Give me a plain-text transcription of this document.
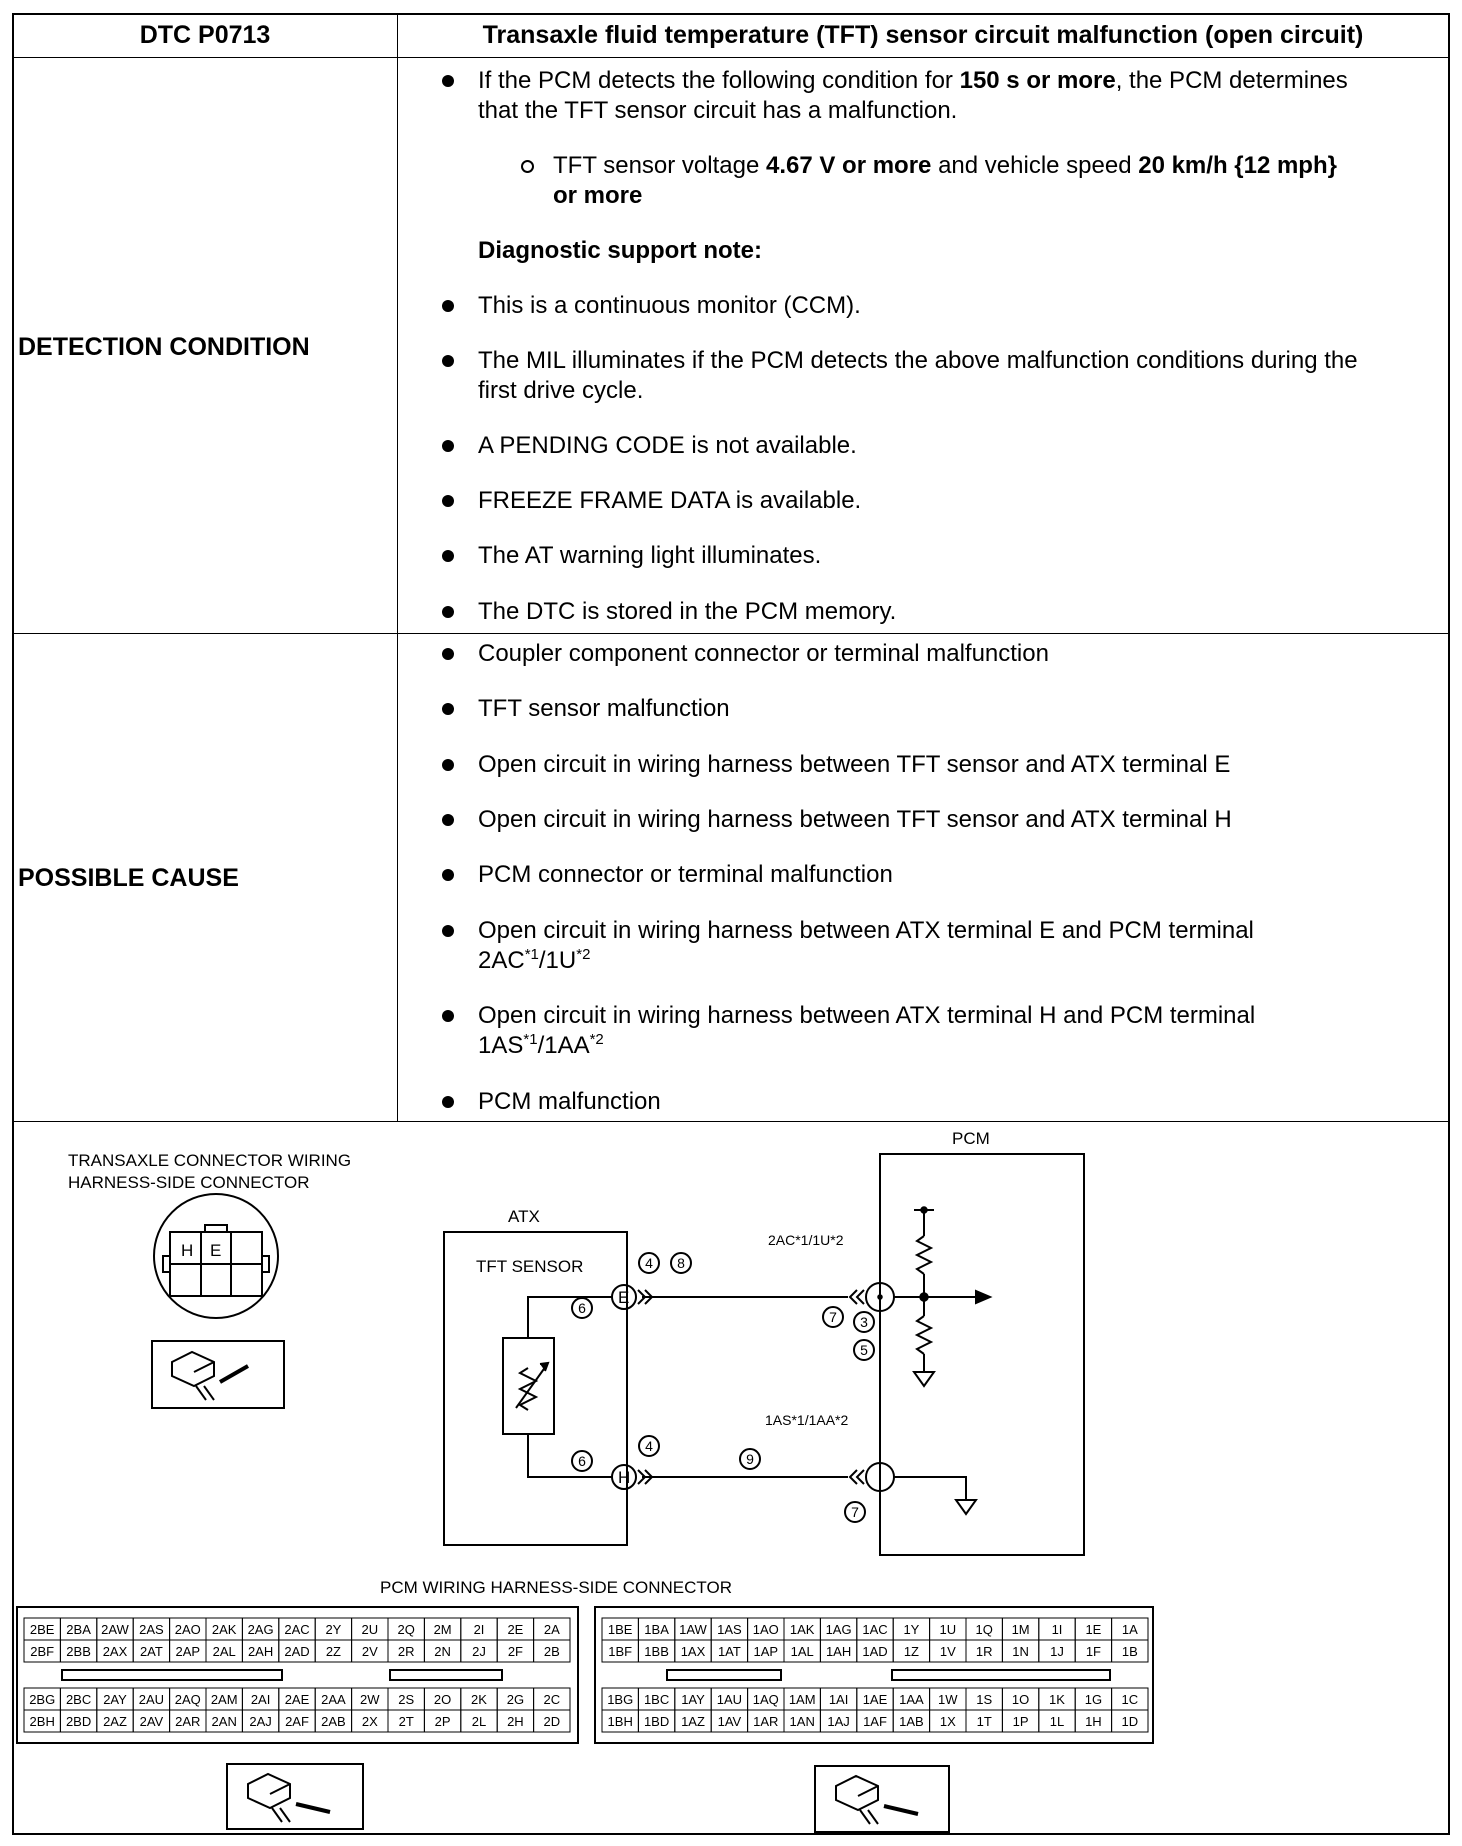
DTC P0713	Transaxle fluid temperature (TFT) sensor circuit malfunction (open circuit)
DETECTION CONDITION
If the PCM detects the following condition for 150 s or more, the PCM determines
that the TFT sensor circuit has a malfunction.
TFT sensor voltage 4.67 V or more and vehicle speed 20 km/h {12 mph}
or more
Diagnostic support note:
This is a continuous monitor (CCM).
The MIL illuminates if the PCM detects the above malfunction conditions during the
first drive cycle.
A PENDING CODE is not available.
FREEZE FRAME DATA is available.
The AT warning light illuminates.
The DTC is stored in the PCM memory.
POSSIBLE CAUSE
Coupler component connector or terminal malfunction
TFT sensor malfunction
Open circuit in wiring harness between TFT sensor and ATX terminal E
Open circuit in wiring harness between TFT sensor and ATX terminal H
PCM connector or terminal malfunction
Open circuit in wiring harness between ATX terminal E and PCM terminal
$2AC^{*1}/1U^{*2}$
Open circuit in wiring harness between ATX terminal H and PCM terminal
1AS$^{*1}$/1AA$^{*2}$
PCM malfunction
TRANSAXLE CONNECTOR WIRING
HARNESS-SIDE CONNECTOR
H E
ATX
PCM
TFT SENSOR
E
H
2AC*1/1U*2
1AS*1/1AA*2
PCM WIRING HARNESS-SIDE CONNECTOR
4 8
6
7 3
5
6
4
9
7
2BE 2BA 2AW 2AS 2AO 2AK 2AG 2AC 2Y 2U 2Q 2M 2I 2E 2A
2BF 2BB 2AX 2AT 2AP 2AL 2AH 2AD 2Z 2V 2R 2N 2J 2F 2B
2BG 2BC 2AY 2AU 2AQ 2AM 2AI 2AE 2AA 2W 2S 2O 2K 2G 2C
2BH 2BD 2AZ 2AV 2AR 2AN 2AJ 2AF 2AB 2X 2T 2P 2L 2H 2D
1BE 1BA 1AW 1AS 1AO 1AK 1AG 1AC 1Y 1U 1Q 1M 1I 1E 1A
1BF 1BB 1AX 1AT 1AP 1AL 1AH 1AD 1Z 1V 1R 1N 1J 1F 1B
1BG 1BC 1AY 1AU 1AQ 1AM 1AI 1AE 1AA 1W 1S 1O 1K 1G 1C
1BH 1BD 1AZ 1AV 1AR 1AN 1AJ 1AF 1AB 1X 1T 1P 1L 1H 1D
